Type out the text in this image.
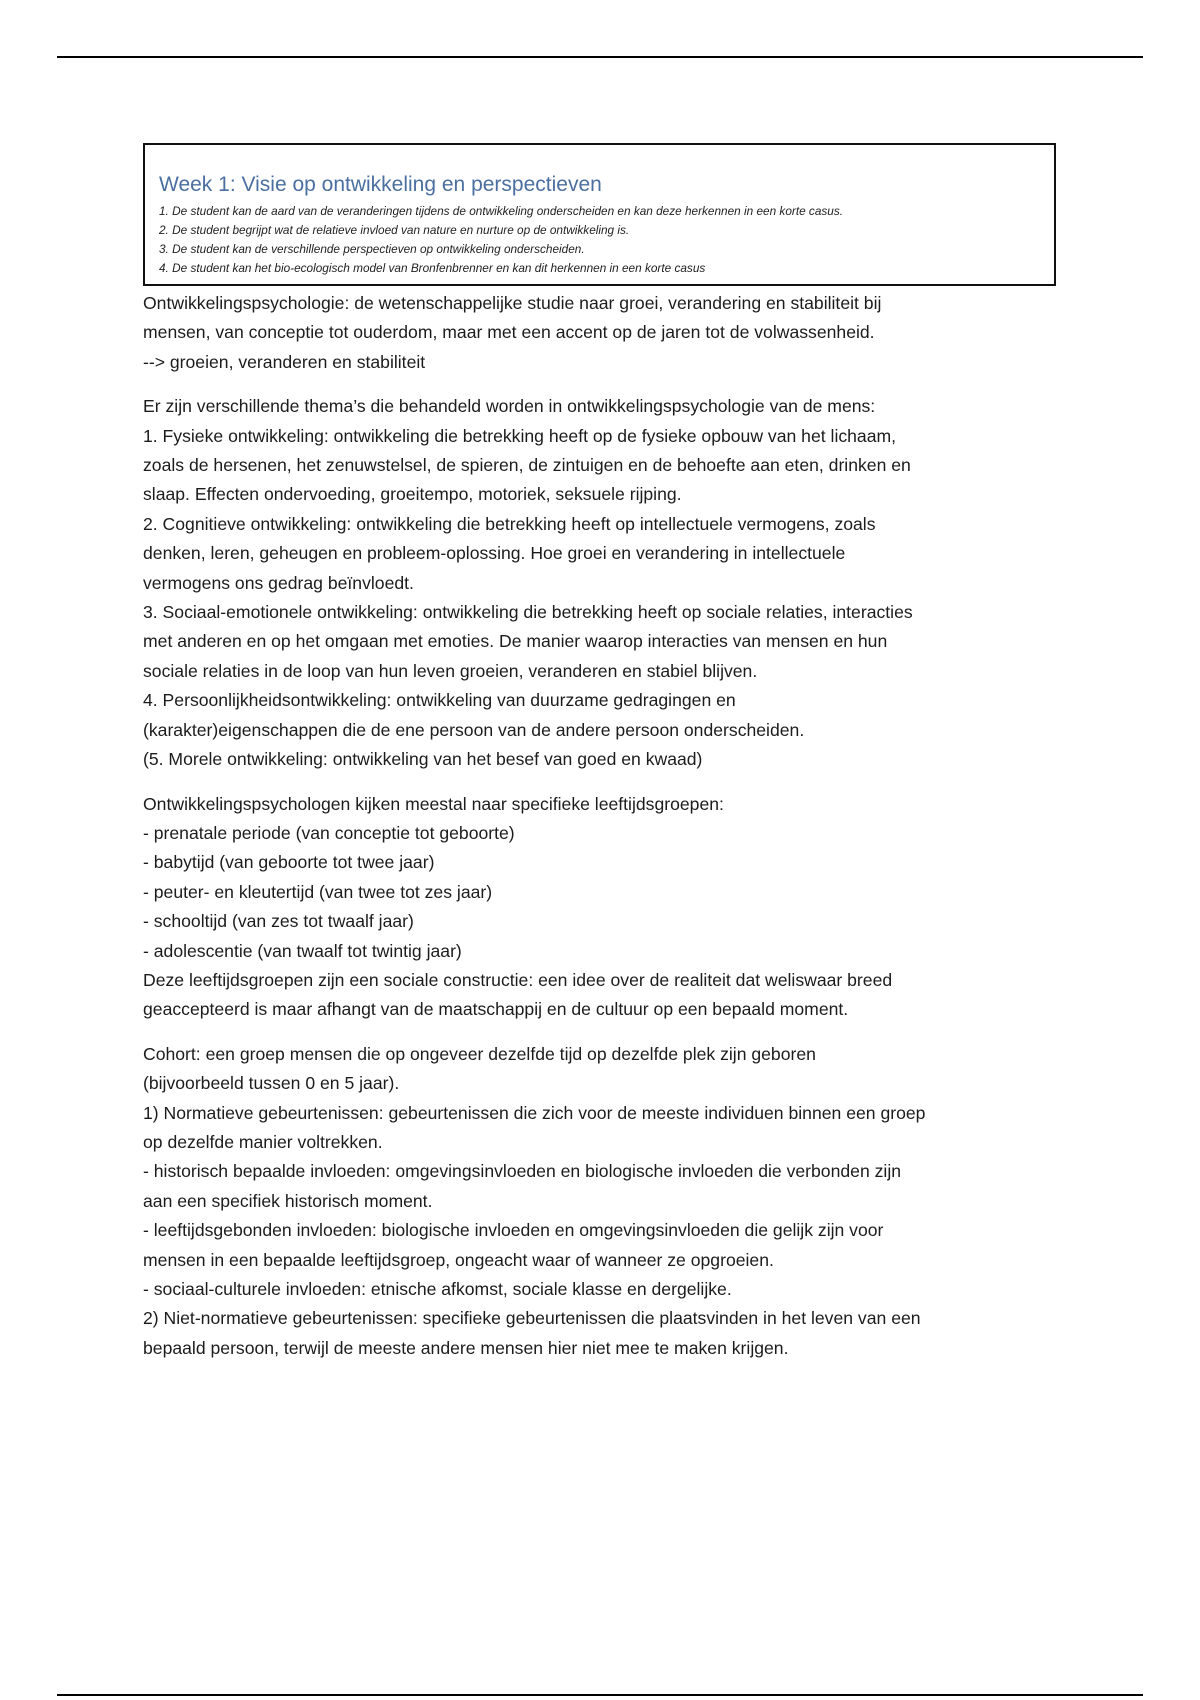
Week 1: Visie op ontwikkeling en perspectieven
1. De student kan de aard van de veranderingen tijdens de ontwikkeling onderscheiden en kan deze herkennen in een korte casus.
2. De student begrijpt wat de relatieve invloed van nature en nurture op de ontwikkeling is.
3. De student kan de verschillende perspectieven op ontwikkeling onderscheiden.
4. De student kan het bio-ecologisch model van Bronfenbrenner en kan dit herkennen in een korte casus

Ontwikkelingspsychologie: de wetenschappelijke studie naar groei, verandering en stabiliteit bij

mensen, van conceptie tot ouderdom, maar met een accent op de jaren tot de volwassenheid.

--> groeien, veranderen en stabiliteit

Er zijn verschillende thema’s die behandeld worden in ontwikkelingspsychologie van de mens:

1. Fysieke ontwikkeling: ontwikkeling die betrekking heeft op de fysieke opbouw van het lichaam,

zoals de hersenen, het zenuwstelsel, de spieren, de zintuigen en de behoefte aan eten, drinken en

slaap. Effecten ondervoeding, groeitempo, motoriek, seksuele rijping.

2. Cognitieve ontwikkeling: ontwikkeling die betrekking heeft op intellectuele vermogens, zoals

denken, leren, geheugen en probleem-oplossing. Hoe groei en verandering in intellectuele

vermogens ons gedrag beïnvloedt.

3. Sociaal-emotionele ontwikkeling: ontwikkeling die betrekking heeft op sociale relaties, interacties

met anderen en op het omgaan met emoties. De manier waarop interacties van mensen en hun

sociale relaties in de loop van hun leven groeien, veranderen en stabiel blijven.

4. Persoonlijkheidsontwikkeling: ontwikkeling van duurzame gedragingen en

(karakter)eigenschappen die de ene persoon van de andere persoon onderscheiden.

(5. Morele ontwikkeling: ontwikkeling van het besef van goed en kwaad)

Ontwikkelingspsychologen kijken meestal naar specifieke leeftijdsgroepen:

- prenatale periode (van conceptie tot geboorte)

- babytijd (van geboorte tot twee jaar)

- peuter- en kleutertijd (van twee tot zes jaar)

- schooltijd (van zes tot twaalf jaar)

- adolescentie (van twaalf tot twintig jaar)

Deze leeftijdsgroepen zijn een sociale constructie: een idee over de realiteit dat weliswaar breed

geaccepteerd is maar afhangt van de maatschappij en de cultuur op een bepaald moment.

Cohort: een groep mensen die op ongeveer dezelfde tijd op dezelfde plek zijn geboren

(bijvoorbeeld tussen 0 en 5 jaar).

1) Normatieve gebeurtenissen: gebeurtenissen die zich voor de meeste individuen binnen een groep

op dezelfde manier voltrekken.

- historisch bepaalde invloeden: omgevingsinvloeden en biologische invloeden die verbonden zijn

aan een specifiek historisch moment.

- leeftijdsgebonden invloeden: biologische invloeden en omgevingsinvloeden die gelijk zijn voor

mensen in een bepaalde leeftijdsgroep, ongeacht waar of wanneer ze opgroeien.

- sociaal-culturele invloeden: etnische afkomst, sociale klasse en dergelijke.

2) Niet-normatieve gebeurtenissen: specifieke gebeurtenissen die plaatsvinden in het leven van een

bepaald persoon, terwijl de meeste andere mensen hier niet mee te maken krijgen.
